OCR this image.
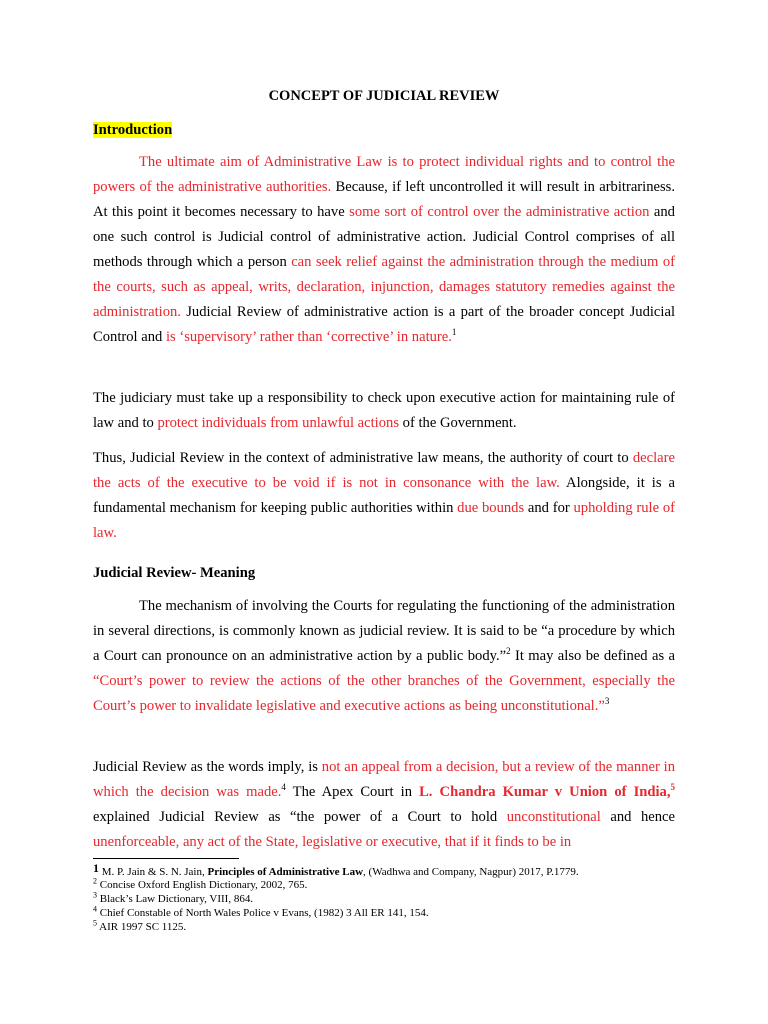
CONCEPT OF JUDICIAL REVIEW
Introduction
The ultimate aim of Administrative Law is to protect individual rights and to control the powers of the administrative authorities. Because, if left uncontrolled it will result in arbitrariness. At this point it becomes necessary to have some sort of control over the administrative action and one such control is Judicial control of administrative action. Judicial Control comprises of all methods through which a person can seek relief against the administration through the medium of the courts, such as appeal, writs, declaration, injunction, damages statutory remedies against the administration. Judicial Review of administrative action is a part of the broader concept Judicial Control and is ‘supervisory’ rather than ‘corrective’ in nature.$^1$
The judiciary must take up a responsibility to check upon executive action for maintaining rule of law and to protect individuals from unlawful actions of the Government.
Thus, Judicial Review in the context of administrative law means, the authority of court to declare the acts of the executive to be void if is not in consonance with the law. Alongside, it is a fundamental mechanism for keeping public authorities within due bounds and for upholding rule of law.
Judicial Review- Meaning
The mechanism of involving the Courts for regulating the functioning of the administration in several directions, is commonly known as judicial review. It is said to be “a procedure by which a Court can pronounce on an administrative action by a public body.”$^2$ It may also be defined as a “Court’s power to review the actions of the other branches of the Government, especially the Court’s power to invalidate legislative and executive actions as being unconstitutional.”$^3$
Judicial Review as the words imply, is not an appeal from a decision, but a review of the manner in which the decision was made.$^4$ The Apex Court in L. Chandra Kumar v Union of India,$^5$ explained Judicial Review as “the power of a Court to hold unconstitutional and hence unenforceable, any act of the State, legislative or executive, that if it finds to be in
1 M. P. Jain & S. N. Jain, Principles of Administrative Law, (Wadhwa and Company, Nagpur) 2017, P.1779.
$^2$ Concise Oxford English Dictionary, 2002, 765.
$^3$ Black’s Law Dictionary, VIII, 864.
$^4$ Chief Constable of North Wales Police v Evans, (1982) 3 All ER 141, 154.
$^5$ AIR 1997 SC 1125.
